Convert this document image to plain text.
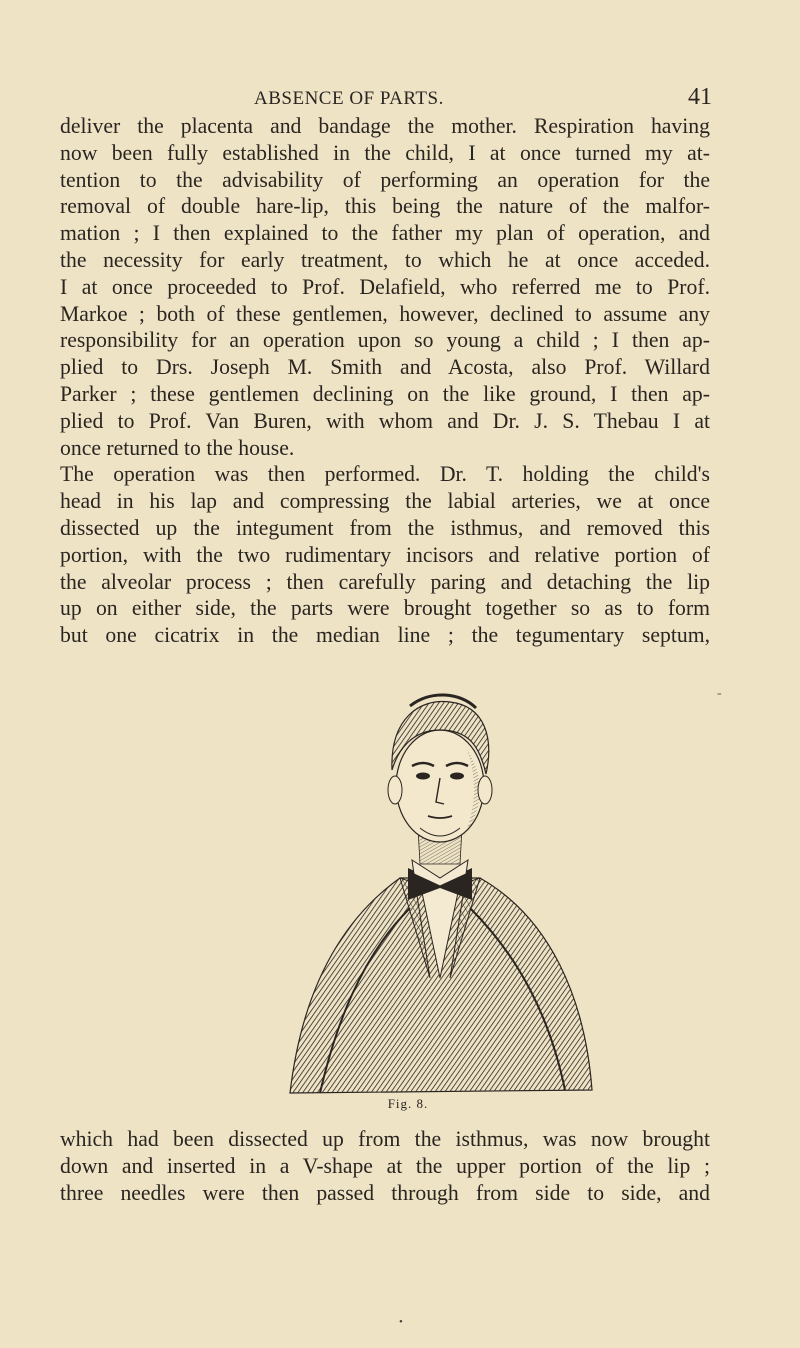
ABSENCE OF PARTS.	41
deliver the placenta and bandage the mother. Respiration having
now been fully established in the child, I at once turned my at-
tention to the advisability of performing an operation for the
removal of double hare-lip, this being the nature of the malfor-
mation ; I then explained to the father my plan of operation, and
the necessity for early treatment, to which he at once acceded.
I at once proceeded to Prof. Delafield, who referred me to Prof.
Markoe ; both of these gentlemen, however, declined to assume any
responsibility for an operation upon so young a child ; I then ap-
plied to Drs. Joseph M. Smith and Acosta, also Prof. Willard
Parker ; these gentlemen declining on the like ground, I then ap-
plied to Prof. Van Buren, with whom and Dr. J. S. Thebau I at
once returned to the house.
The operation was then performed. Dr. T. holding the child's
head in his lap and compressing the labial arteries, we at once
dissected up the integument from the isthmus, and removed this
portion, with the two rudimentary incisors and relative portion of
the alveolar process ; then carefully paring and detaching the lip
up on either side, the parts were brought together so as to form
but one cicatrix in the median line ; the tegumentary septum,
-
Fig. 8.
which had been dissected up from the isthmus, was now brought
down and inserted in a V-shape at the upper portion of the lip ;
three needles were then passed through from side to side, and
•
